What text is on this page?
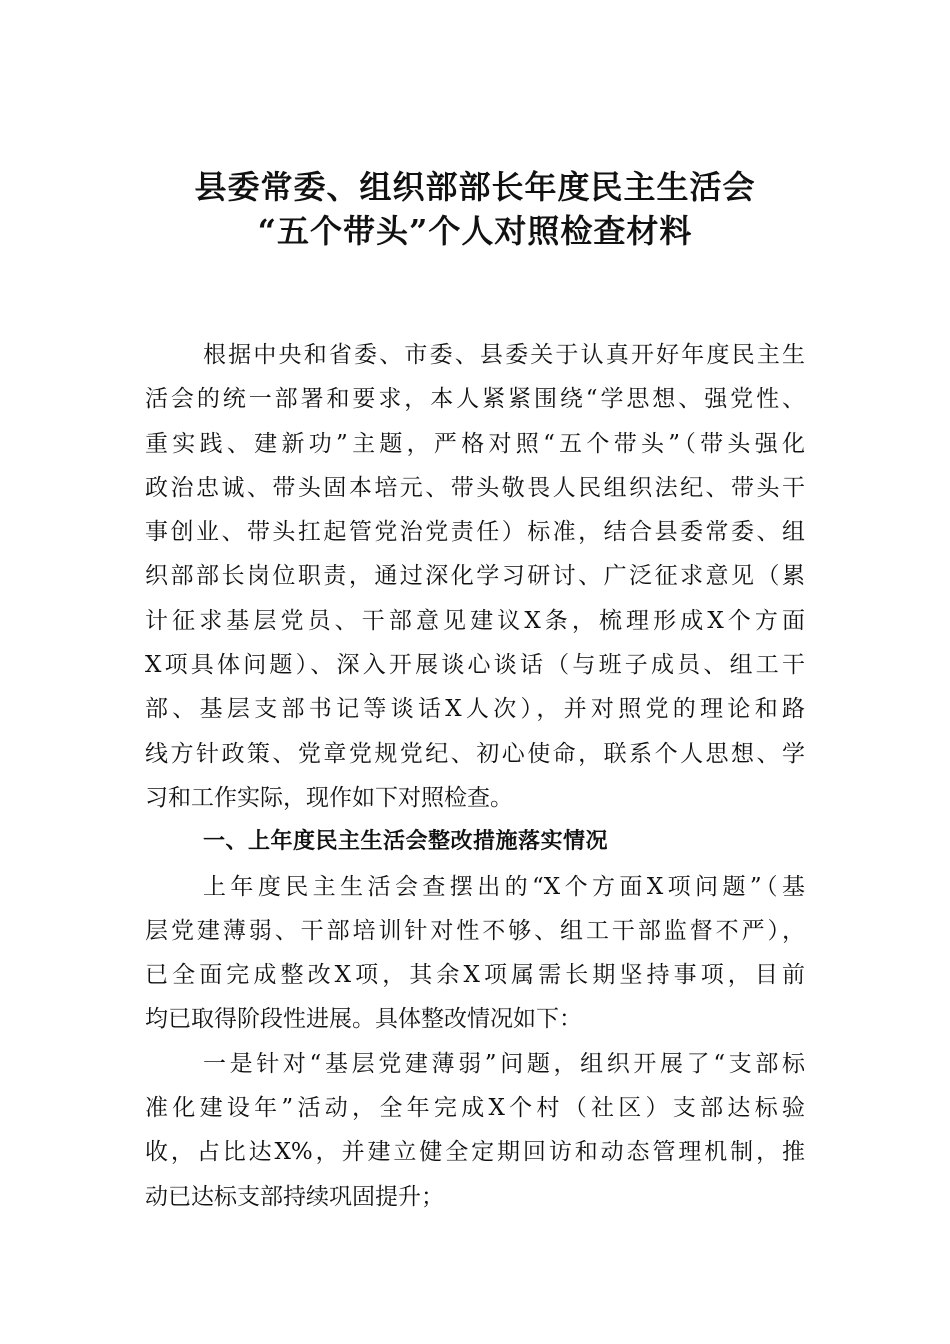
县委常委、组织部部长年度民主生活会
“五个带头”个人对照检查材料
根据中央和省委、市委、县委关于认真开好年度民主生
活会的统一部署和要求，本人紧紧围绕“学思想、强党性、
重实践、建新功”主题，严格对照“五个带头”（带头强化
政治忠诚、带头固本培元、带头敬畏人民组织法纪、带头干
事创业、带头扛起管党治党责任）标准，结合县委常委、组
织部部长岗位职责，通过深化学习研讨、广泛征求意见（累
计征求基层党员、干部意见建议X条，梳理形成X个方面
X项具体问题）、深入开展谈心谈话（与班子成员、组工干
部、基层支部书记等谈话X人次），并对照党的理论和路
线方针政策、党章党规党纪、初心使命，联系个人思想、学
习和工作实际，现作如下对照检查。
一、上年度民主生活会整改措施落实情况
上年度民主生活会查摆出的“X个方面X项问题”（基
层党建薄弱、干部培训针对性不够、组工干部监督不严），
已全面完成整改X项，其余X项属需长期坚持事项，目前
均已取得阶段性进展。具体整改情况如下：
一是针对“基层党建薄弱”问题，组织开展了“支部标
准化建设年”活动，全年完成X个村（社区）支部达标验
收，占比达X%，并建立健全定期回访和动态管理机制，推
动已达标支部持续巩固提升；
